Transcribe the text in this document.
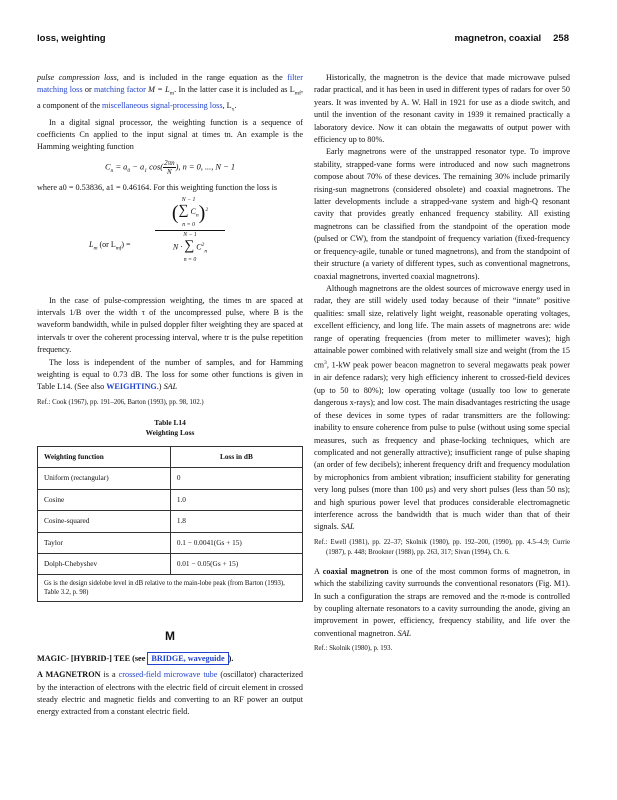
loss, weighting	magnetron, coaxial 258

pulse compression loss, and is included in the range equation as the filter matching loss or matching factor $M = L_m$. In the latter case it is included as $L_{mf}$, a component of the miscellaneous signal-processing loss, $L_x$.

In a digital signal processor, the weighting function is a sequence of coefficients Cn applied to the input signal at times tn. An example is the Hamming weighting function

$C_n = a_0 - a_1$ $\cos( \frac{2\pi n}{N}$ ), n = 0, ..., N − 1

where a0 = 0.53836, a1 = 0.46164. For this weighting function the loss is

$L_m$ (or $L_{mf}$) =
(
N − 1
∑ $C_n$
n = 0
)$^2$
N − 1
N · ∑ $C^2_n$
n = 0

In the case of pulse-compression weighting, the times tn are spaced at intervals 1/B over the width τ of the uncompressed pulse, where B is the waveform bandwidth, while in pulsed doppler filter weighting they are spaced at intervals tr over the coherent processing interval, where tr is the pulse repetition frequency.

The loss is independent of the number of samples, and for Hamming weighting is equal to 0.73 dB. The loss for some other functions is given in Table L14. (See also WEIGHTING.) SAL

Ref.: Cook (1967), pp. 191–206, Barton (1993), pp. 98, 102.)

Table L14
Weighting Loss
Weighting function	Loss in dB
Uniform (rectangular)	0
Cosine	1.0
Cosine-squared	1.8
Taylor	0.1 − 0.0041(Gs + 15)
Dolph-Chebyshev	0.01 − 0.05(Gs + 15)
Gs is the design sidelobe level in dB relative to the main-lobe peak (from Barton (1993), Table 3.2, p. 98)	
M

MAGIC- [HYBRID-] TEE (see BRIDGE, waveguide ).

A MAGNETRON is a crossed-field microwave tube (oscillator) characterized by the interaction of electrons with the electric field of circuit element in crossed steady electric and magnetic fields and converting to an RF power an output energy extracted from a constant electric field.

Historically, the magnetron is the device that made microwave pulsed radar practical, and it has been in used in different types of radars for over 50 years. It was invented by A. W. Hall in 1921 for use as a diode switch, and until the invention of the resonant cavity in 1939 it remained practically a laboratory device. Now it can obtain the megawatts of output power with efficiency up to 80%.

Early magnetrons were of the unstrapped resonator type. To improve stability, strapped-vane forms were introduced and now such magnetrons compose about 70% of these devices. The remaining 30% include primarily rising-sun magnetrons (considered obsolete) and coaxial magnetrons. The latter developments include a strapped-vane system and high-Q resonant cavity that provides greatly enhanced frequency stability. All existing magnetrons can be classified from the standpoint of the operation mode (pulsed or CW), from the standpoint of frequency variation (fixed-frequency or frequency-agile, tunable or tuned magnetrons), and from the standpoint of their structure (a variety of different types, such as conventional magnetrons, coaxial magnetrons, inverted coaxial magnetrons).

Although magnetrons are the oldest sources of microwave energy used in radar, they are still widely used today because of their “innate” positive qualities: small size, relatively light weight, reasonable operating voltages, excellent efficiency, and long life. The main assets of magnetrons are: wide range of operating frequencies (from meter to millimeter waves); high attainable power combined with relatively small size and weight (from the 15 $cm^3$, 1-kW peak power beacon magnetron to several megawatts peak power in air defence radars); very high efficiency inherent to crossed-field devices (up to 50 to 80%); low operating voltage (usually too low to generate dangerous x-rays); and low cost. The main disadvantages restricting the usage of these devices in some types of radar transmitters are the following: inability to ensure coherence from pulse to pulse (without using some special measures, such as frequency and phase-locking techniques, which are complicated and not generally attractive); insufficient range of pulse shaping (an order of few decibels); inherent frequency drift and frequency modulation by microphonics from ambient vibration; insufficient stability for generating very long pulses (more than 100 μs) and very short pulses (less than 50 ns); and high spurious power level that produces considerable electromagnetic interference across the bandwidth that is much wider than that of their signals. SAL

Ref.: Ewell (1981), pp. 22–37; Skolnik (1980), pp. 192–200, (1990), pp. 4.5–4.9; Currie (1987), p. 448; Brookner (1988), pp. 263, 317; Sivan (1994), Ch. 6.

A coaxial magnetron is one of the most common forms of magnetron, in which the stabilizing cavity surrounds the conventional resonators (Fig. M1). In such a configuration the straps are removed and the π-mode is controlled by coupling alternate resonators to a cavity surrounding the anode, giving an improvement in power, efficiency, frequency stability, and life over the conventional magnetron. SAL

Ref.: Skolnik (1980), p. 193.
